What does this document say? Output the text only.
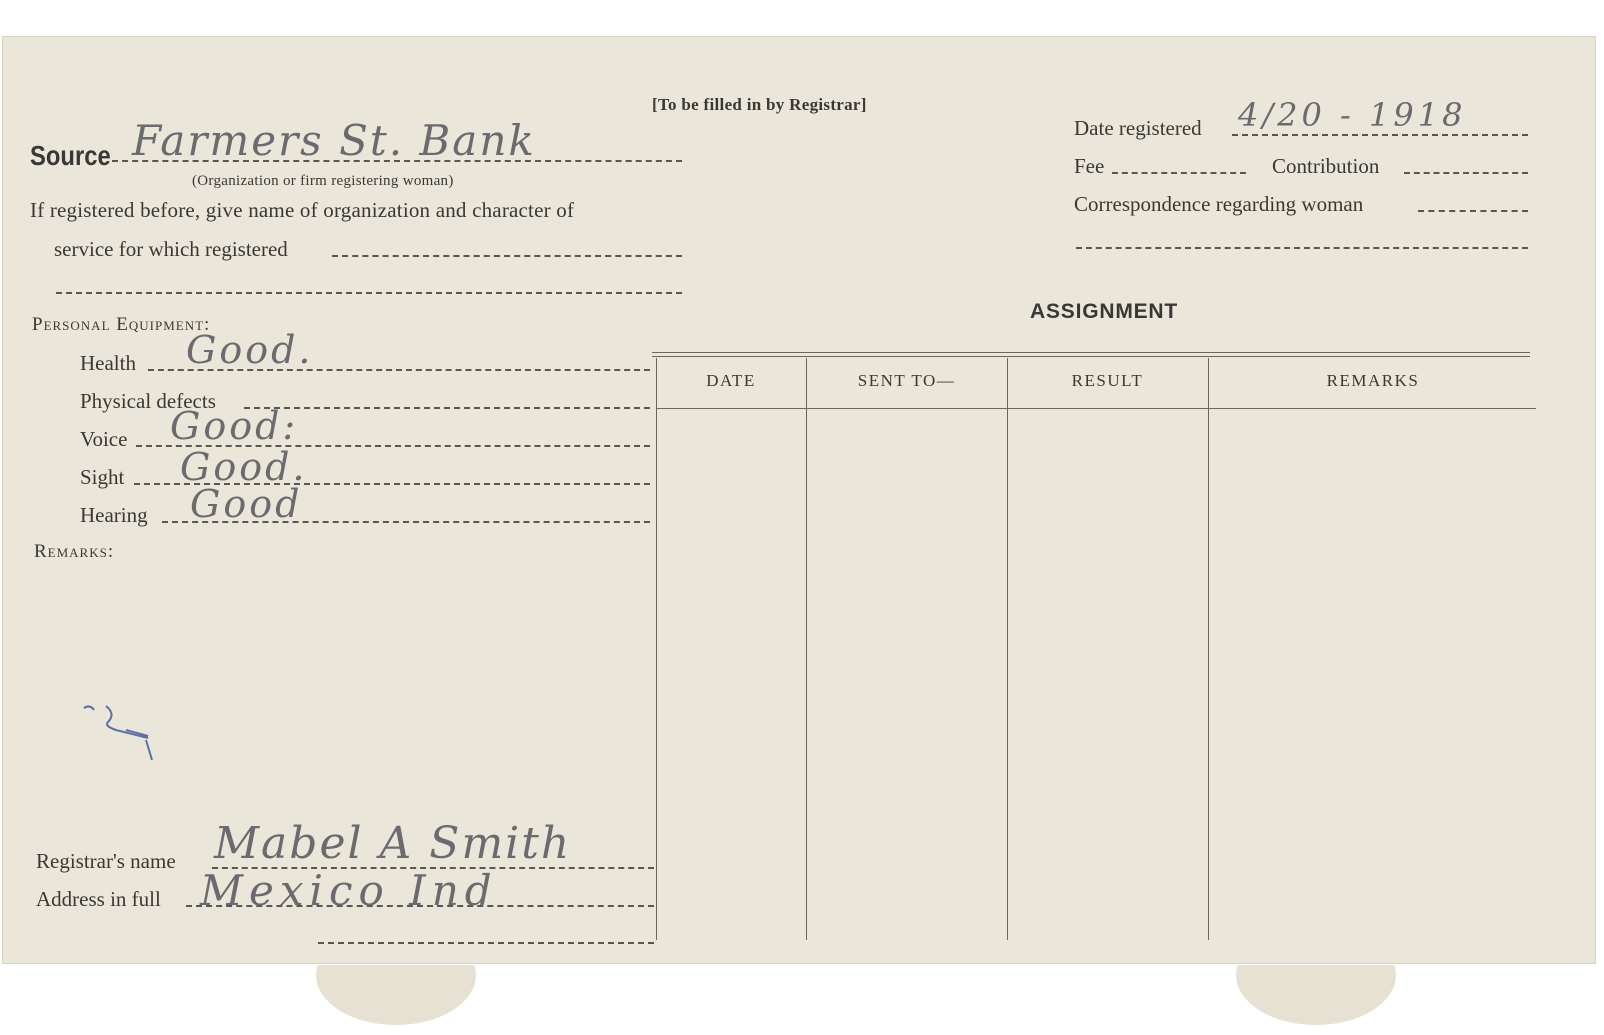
[To be filled in by Registrar]
Source Farmers St. Bank
(Organization or firm registering woman)
If registered before, give name of organization and character of
service for which registered
Personal Equipment:
Health Good.
Physical defects
Voice Good:
Sight Good.
Hearing Good
Remarks:
Registrar's name Mabel A Smith
Address in full Mexico Ind
Date registered 4/20 - 1918
Fee	Contribution
Correspondence regarding woman
ASSIGNMENT
DATE	SENT TO—	RESULT	REMARKS
